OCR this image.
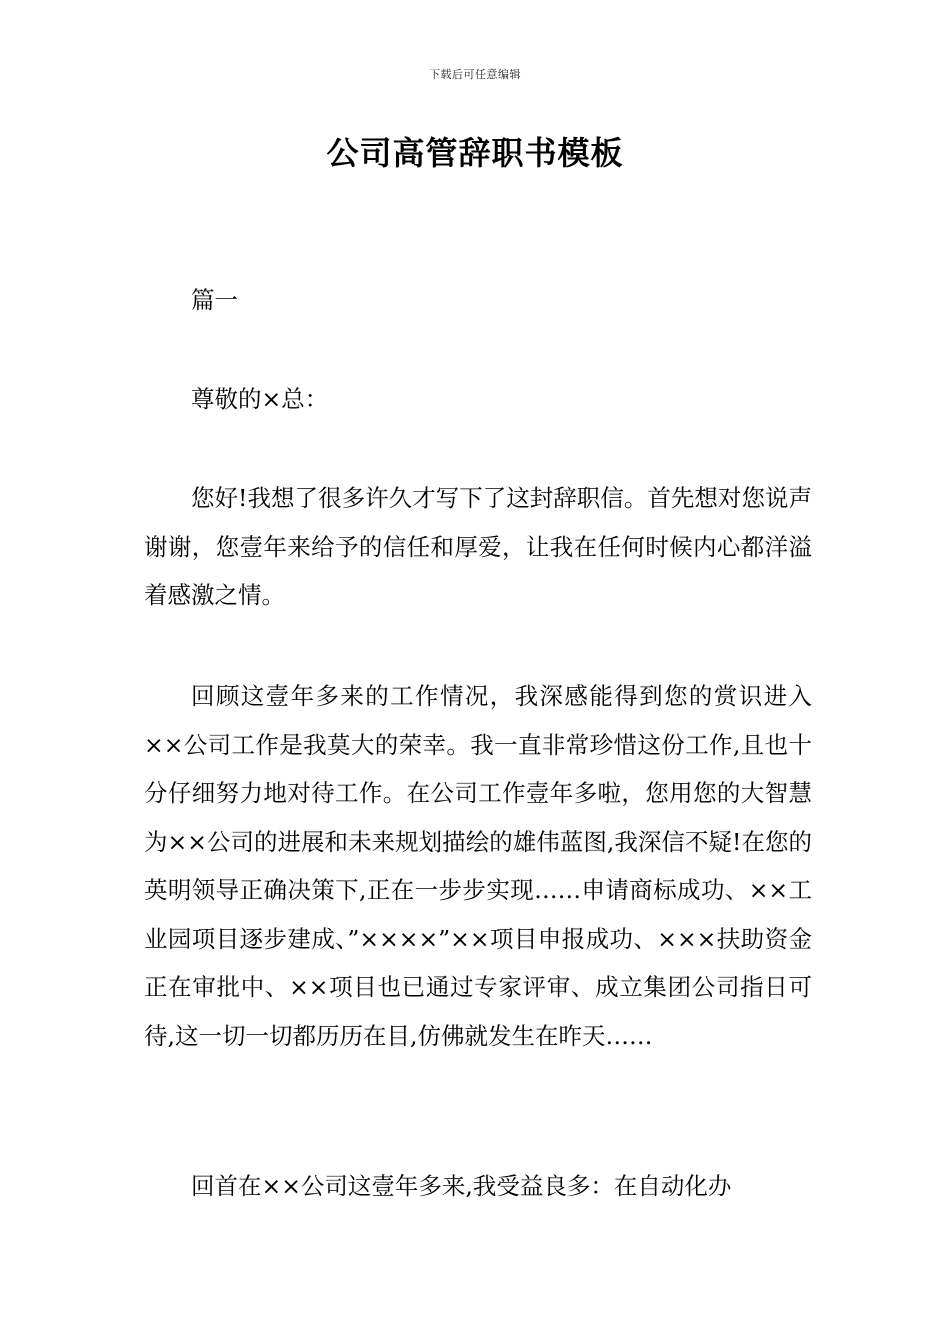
下载后可任意编辑
公司高管辞职书模板

篇一

尊敬的×总：

您好!我想了很多许久才写下了这封辞职信。首先想对您说声谢谢，您壹年来给予的信任和厚爱，让我在任何时候内心都洋溢着感激之情。

回顾这壹年多来的工作情况，我深感能得到您的赏识进入××公司工作是我莫大的荣幸。我一直非常珍惜这份工作,且也十分仔细努力地对待工作。在公司工作壹年多啦，您用您的大智慧为××公司的进展和未来规划描绘的雄伟蓝图,我深信不疑!在您的英明领导正确决策下,正在一步步实现……申请商标成功、××工业园项目逐步建成、”××××”××项目申报成功、×××扶助资金正在审批中、××项目也已通过专家评审、成立集团公司指日可待,这一切一切都历历在目,仿佛就发生在昨天……

回首在××公司这壹年多来,我受益良多：在自动化办
